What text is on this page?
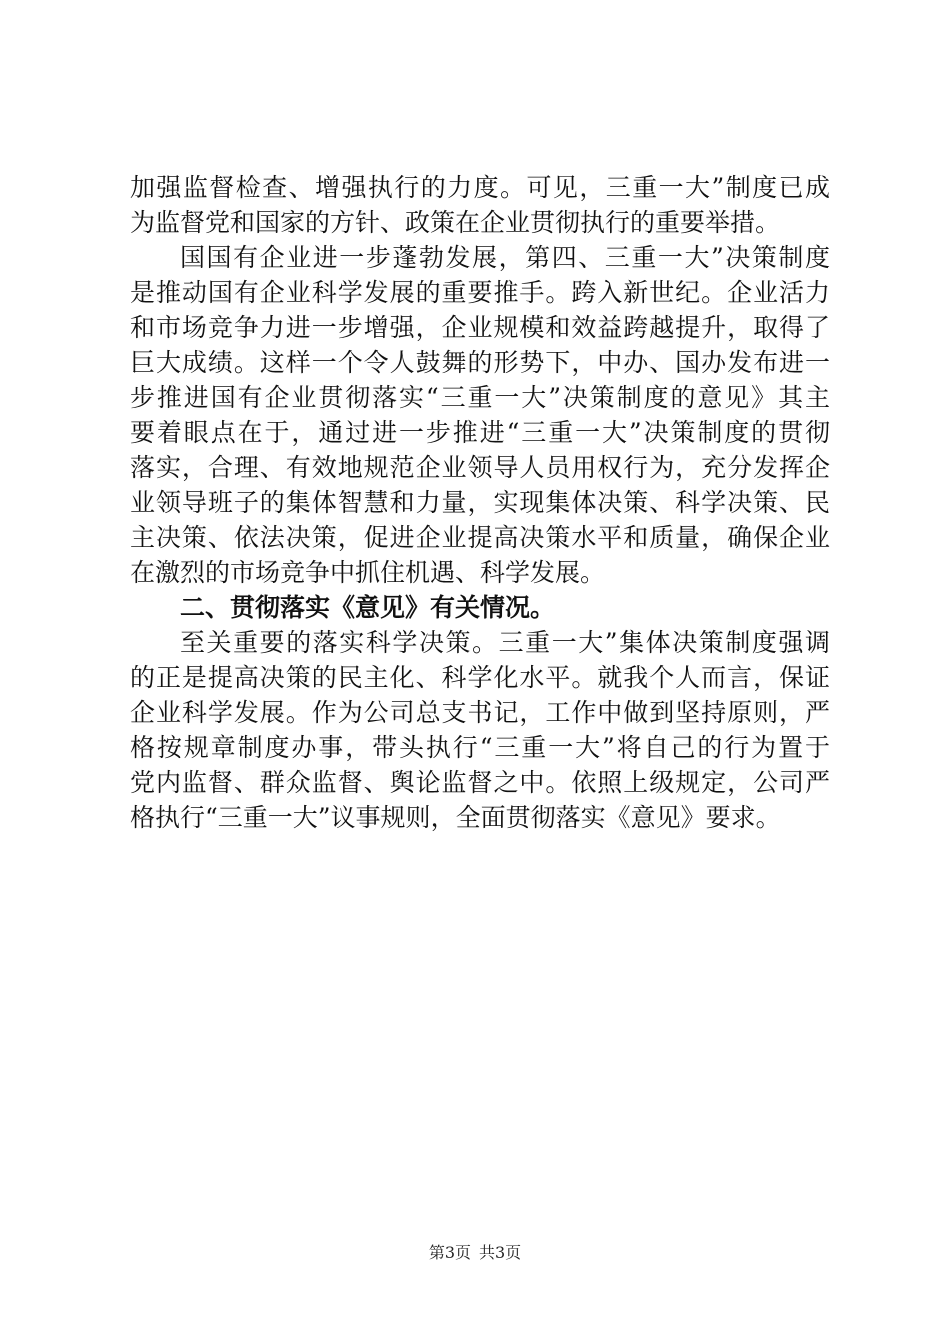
加强监督检查、增强执行的力度。可见，三重一大”制度已成
为监督党和国家的方针、政策在企业贯彻执行的重要举措。
国国有企业进一步蓬勃发展，第四、三重一大”决策制度
是推动国有企业科学发展的重要推手。跨入新世纪。企业活力
和市场竞争力进一步增强，企业规模和效益跨越提升，取得了
巨大成绩。这样一个令人鼓舞的形势下，中办、国办发布进一
步推进国有企业贯彻落实“三重一大”决策制度的意见》其主
要着眼点在于，通过进一步推进“三重一大”决策制度的贯彻
落实，合理、有效地规范企业领导人员用权行为，充分发挥企
业领导班子的集体智慧和力量，实现集体决策、科学决策、民
主决策、依法决策，促进企业提高决策水平和质量，确保企业
在激烈的市场竞争中抓住机遇、科学发展。
二、贯彻落实《意见》有关情况。
至关重要的落实科学决策。三重一大”集体决策制度强调
的正是提高决策的民主化、科学化水平。就我个人而言，保证
企业科学发展。作为公司总支书记，工作中做到坚持原则，严
格按规章制度办事，带头执行“三重一大”将自己的行为置于
党内监督、群众监督、舆论监督之中。依照上级规定，公司严
格执行“三重一大”议事规则，全面贯彻落实《意见》要求。
第3页 共3页
